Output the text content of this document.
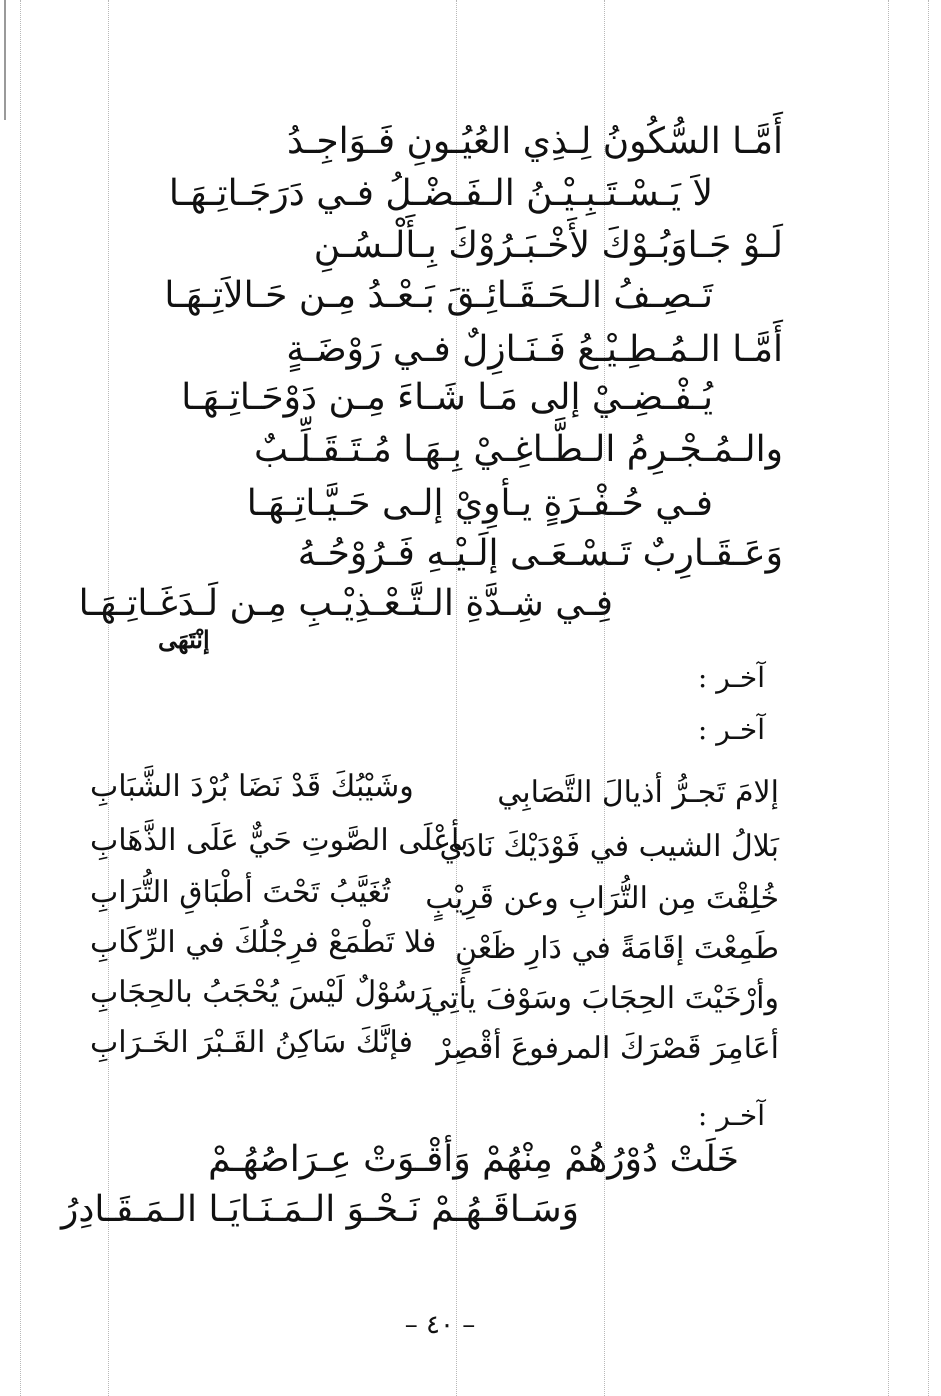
أَمَّـا السُّكُونُ لِـذِي العُيُـونِ فَـوَاجِـدُ
لاَ يَـسْـتَـبِـيْـنُ الـفَـضْـلُ فـي دَرَجَـاتِـهَـا
لَـوْ جَـاوَبُـوْكَ لأَخْـبَـرُوْكَ بِـأَلْـسُـنِ
تَـصِـفُ الـحَـقَـائِـقَ بَـعْـدُ مِـن حَـالاَتِـهَـا
أَمَّـا الـمُـطِـيْـعُ فَـنَـازِلٌ فـي رَوْضَـةٍ
يُـفْـضِـيْ إلى مَـا شَـاءَ مِـن دَوْحَـاتِـهَـا
والـمُـجْـرِمُ الـطَّـاغِـيْ بِـهَـا مُـتَـقَـلِّـبٌ
فـي حُـفْـرَةٍ يـأوِيْ إلـى حَـيَّـاتِـهَـا
وَعَـقَـارِبٌ تَـسْـعَـى إلَـيْـهِ فَـرُوْحُـهُ
فِـي شِـدَّةِ الـتَّـعْـذِيْـبِ مِـن لَـدَغَـاتِـهَـا
إنْتَهَى
آخـر :
آخـر :
إلامَ تَجـرُّ أذيالَ التَّصَابِي
وشَيْبُكَ قَدْ نَضَا بُرْدَ الشَّبَابِ
بَلالُ الشيب في فَوْدَيْكَ نَادَي
بأعْلَى الصَّوتِ حَيٌّ عَلَى الذَّهَابِ
خُلِقْتَ مِن التُّرَابِ وعن قَرِيْبٍ
تُغَيَّبُ تَحْتَ أطْبَاقِ التُّرَابِ
طَمِعْتَ إقَامَةً في دَارِ ظَعْنٍ
فلا تَطْمَعْ فرِجْلُكَ في الرِّكَابِ
وأرْخَيْتَ الحِجَابَ وسَوْفَ يأتِي
رَسُوْلٌ لَيْسَ يُحْجَبُ بالحِجَابِ
أعَامِرَ قَصْرَكَ المرفوعَ أقْصِرْ
فإنَّكَ سَاكِنُ القَـبْرَ الخَـرَابِ
آخـر :
خَلَتْ دُوْرُهُمْ مِنْهُمْ وَأقْـوَتْ عِـرَاصُهُـمْ
وَسَـاقَـهُـمْ نَـحْـوَ الـمَـنَـايَـا الـمَـقَـادِرُ
– ٤٠ –
